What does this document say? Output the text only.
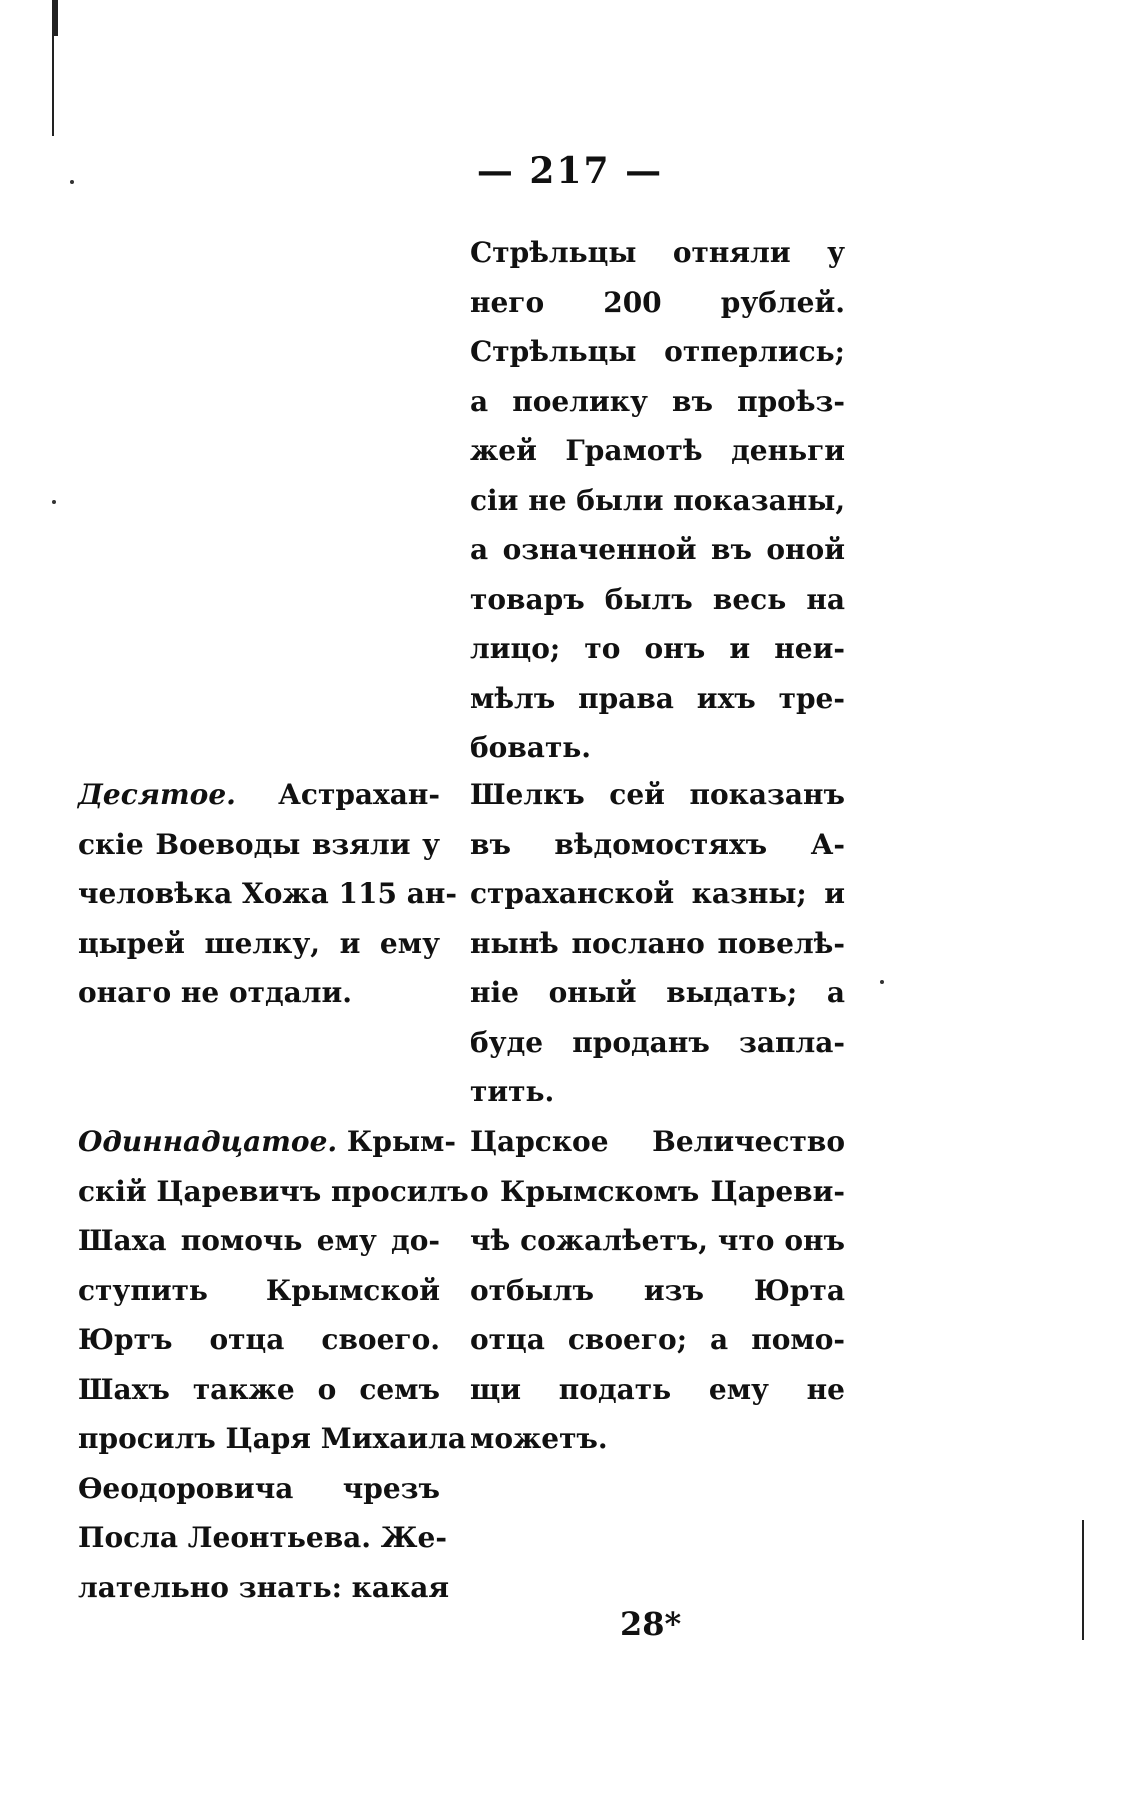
— 217 —
Десятое. Астрахан-
скіе Воеводы взяли у
человѣка Хожа 115 ан-
цырей шелку, и ему
онаго не отдали.
Одиннадцатое. Крым-
скій Царевичъ просилъ
Шаха помочь ему до-
ступить Крымской
Юртъ отца своего.
Шахъ также о семъ
просилъ Царя Михаила
Ѳеодоровича чрезъ
Посла Леонтьева. Же-
лательно знать: какая
Стрѣльцы отняли у
него 200 рублей.
Стрѣльцы отперлись;
а поелику въ проѣз-
жей Грамотѣ деньги
сіи не были показаны,
а означенной въ оной
товаръ былъ весь на
лицо; то онъ и неи-
мѣлъ права ихъ тре-
бовать.
Шелкъ сей показанъ
въ вѣдомостяхъ А-
страханской казны; и
нынѣ послано повелѣ-
ніе оный выдать; а
буде проданъ запла-
тить.
Царское Величество
о Крымскомъ Цареви-
чѣ сожалѣетъ, что онъ
отбылъ изъ Юрта
отца своего; а помо-
щи подать ему не
можетъ.
28*
